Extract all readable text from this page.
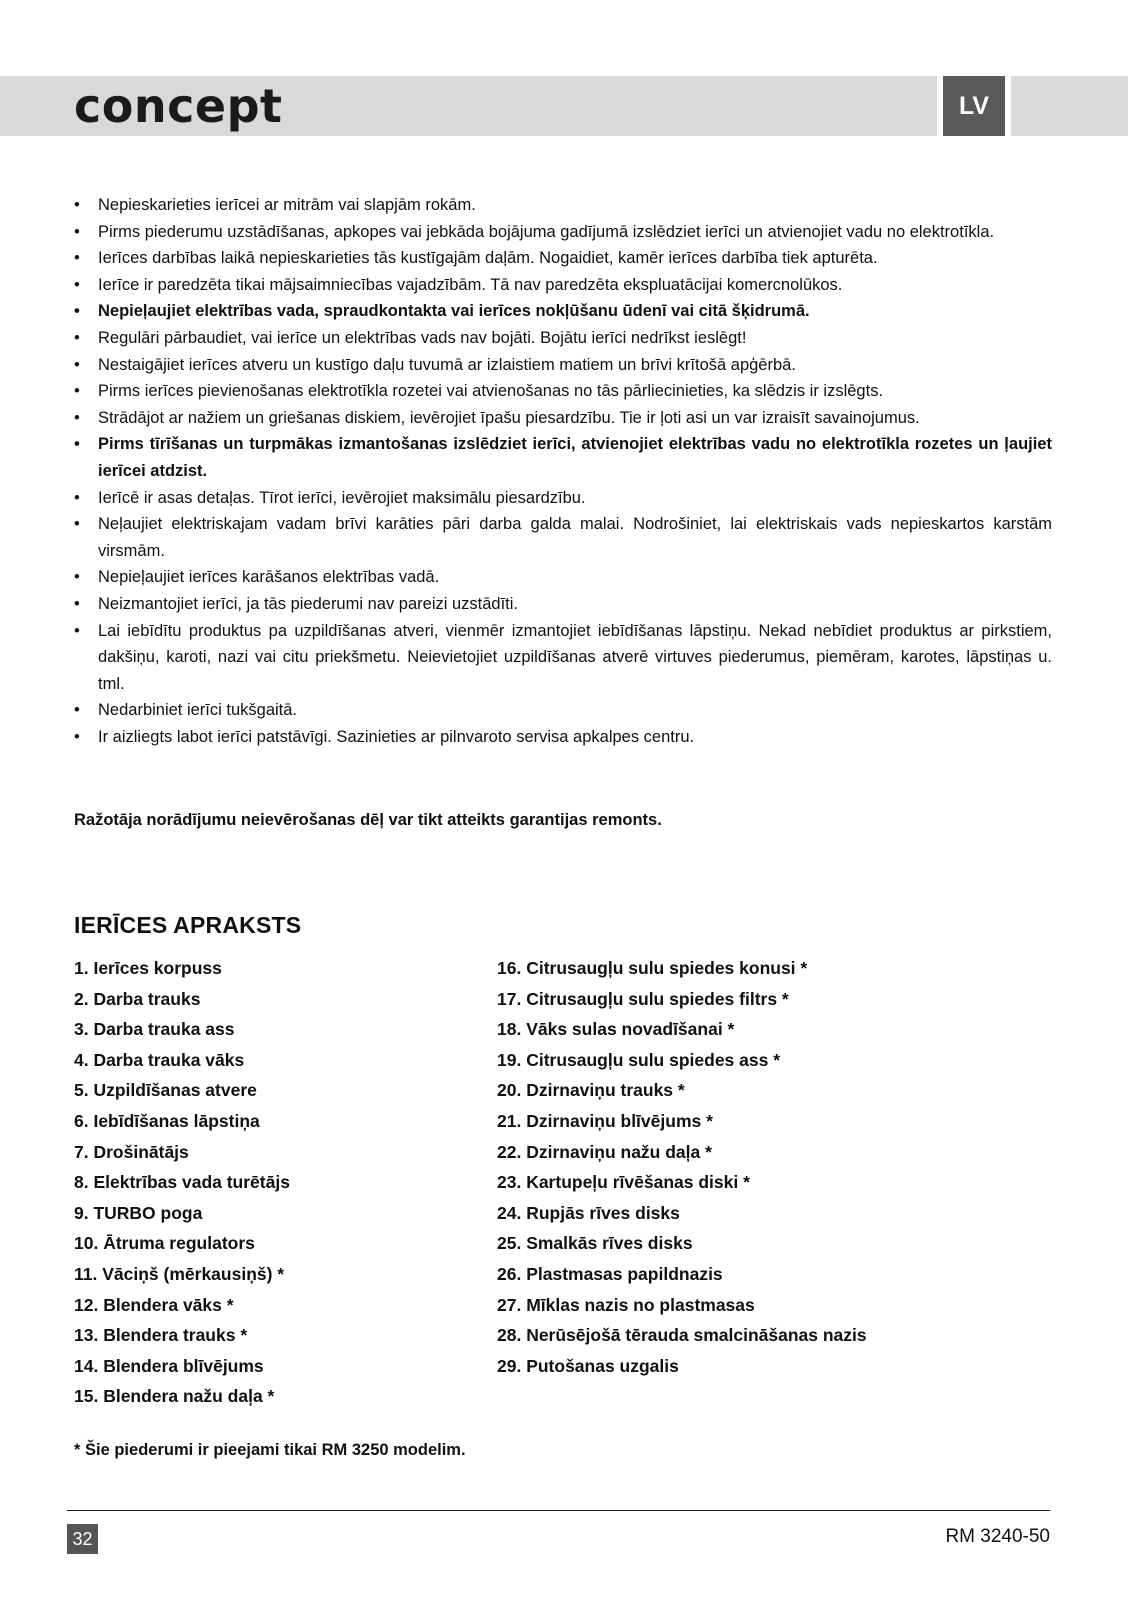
concept	LV
• Nepieskarieties ierīcei ar mitrām vai slapjām rokām.
• Pirms piederumu uzstādīšanas, apkopes vai jebkāda bojājuma gadījumā izslēdziet ierīci un atvienojiet vadu no elektrotīkla.
• Ierīces darbības laikā nepieskarieties tās kustīgajām daļām. Nogaidiet, kamēr ierīces darbība tiek apturēta.
• Ierīce ir paredzēta tikai mājsaimniecības vajadzībām. Tā nav paredzēta ekspluatācijai komercnolūkos.
• Nepieļaujiet elektrības vada, spraudkontakta vai ierīces nokļūšanu ūdenī vai citā šķidrumā.
• Regulāri pārbaudiet, vai ierīce un elektrības vads nav bojāti. Bojātu ierīci nedrīkst ieslēgt!
• Nestaigājiet ierīces atveru un kustīgo daļu tuvumā ar izlaistiem matiem un brīvi krītošā apģērbā.
• Pirms ierīces pievienošanas elektrotīkla rozetei vai atvienošanas no tās pārliecinieties, ka slēdzis ir izslēgts.
• Strādājot ar nažiem un griešanas diskiem, ievērojiet īpašu piesardzību. Tie ir ļoti asi un var izraisīt savainojumus.
• Pirms tīrīšanas un turpmākas izmantošanas izslēdziet ierīci, atvienojiet elektrības vadu no elektrotīkla rozetes un ļaujiet ierīcei atdzist.
• Ierīcē ir asas detaļas. Tīrot ierīci, ievērojiet maksimālu piesardzību.
• Neļaujiet elektriskajam vadam brīvi karāties pāri darba galda malai. Nodrošiniet, lai elektriskais vads nepieskartos karstām virsmām.
• Nepieļaujiet ierīces karāšanos elektrības vadā.
• Neizmantojiet ierīci, ja tās piederumi nav pareizi uzstādīti.
• Lai iebīdītu produktus pa uzpildīšanas atveri, vienmēr izmantojiet iebīdīšanas lāpstiņu. Nekad nebīdiet produktus ar pirkstiem, dakšiņu, karoti, nazi vai citu priekšmetu. Neievietojiet uzpildīšanas atverē virtuves piederumus, piemēram, karotes, lāpstiņas u. tml.
• Nedarbiniet ierīci tukšgaitā.
• Ir aizliegts labot ierīci patstāvīgi. Sazinieties ar pilnvaroto servisa apkalpes centru.

Ražotāja norādījumu neievērošanas dēļ var tikt atteikts garantijas remonts.

IERĪCES APRAKSTS
1. Ierīces korpuss
2. Darba trauks
3. Darba trauka ass
4. Darba trauka vāks
5. Uzpildīšanas atvere
6. Iebīdīšanas lāpstiņa
7. Drošinātājs
8. Elektrības vada turētājs
9. TURBO poga
10. Ātruma regulators
11. Vāciņš (mērkausiņš) *
12. Blendera vāks *
13. Blendera trauks *
14. Blendera blīvējums
15. Blendera nažu daļa *
16. Citrusaugļu sulu spiedes konusi *
17. Citrusaugļu sulu spiedes filtrs *
18. Vāks sulas novadīšanai *
19. Citrusaugļu sulu spiedes ass *
20. Dzirnaviņu trauks *
21. Dzirnaviņu blīvējums *
22. Dzirnaviņu nažu daļa *
23. Kartupeļu rīvēšanas diski *
24. Rupjās rīves disks
25. Smalkās rīves disks
26. Plastmasas papildnazis
27. Mīklas nazis no plastmasas
28. Nerūsējošā tērauda smalcināšanas nazis
29. Putošanas uzgalis

* Šie piederumi ir pieejami tikai RM 3250 modelim.

32	RM 3240-50
